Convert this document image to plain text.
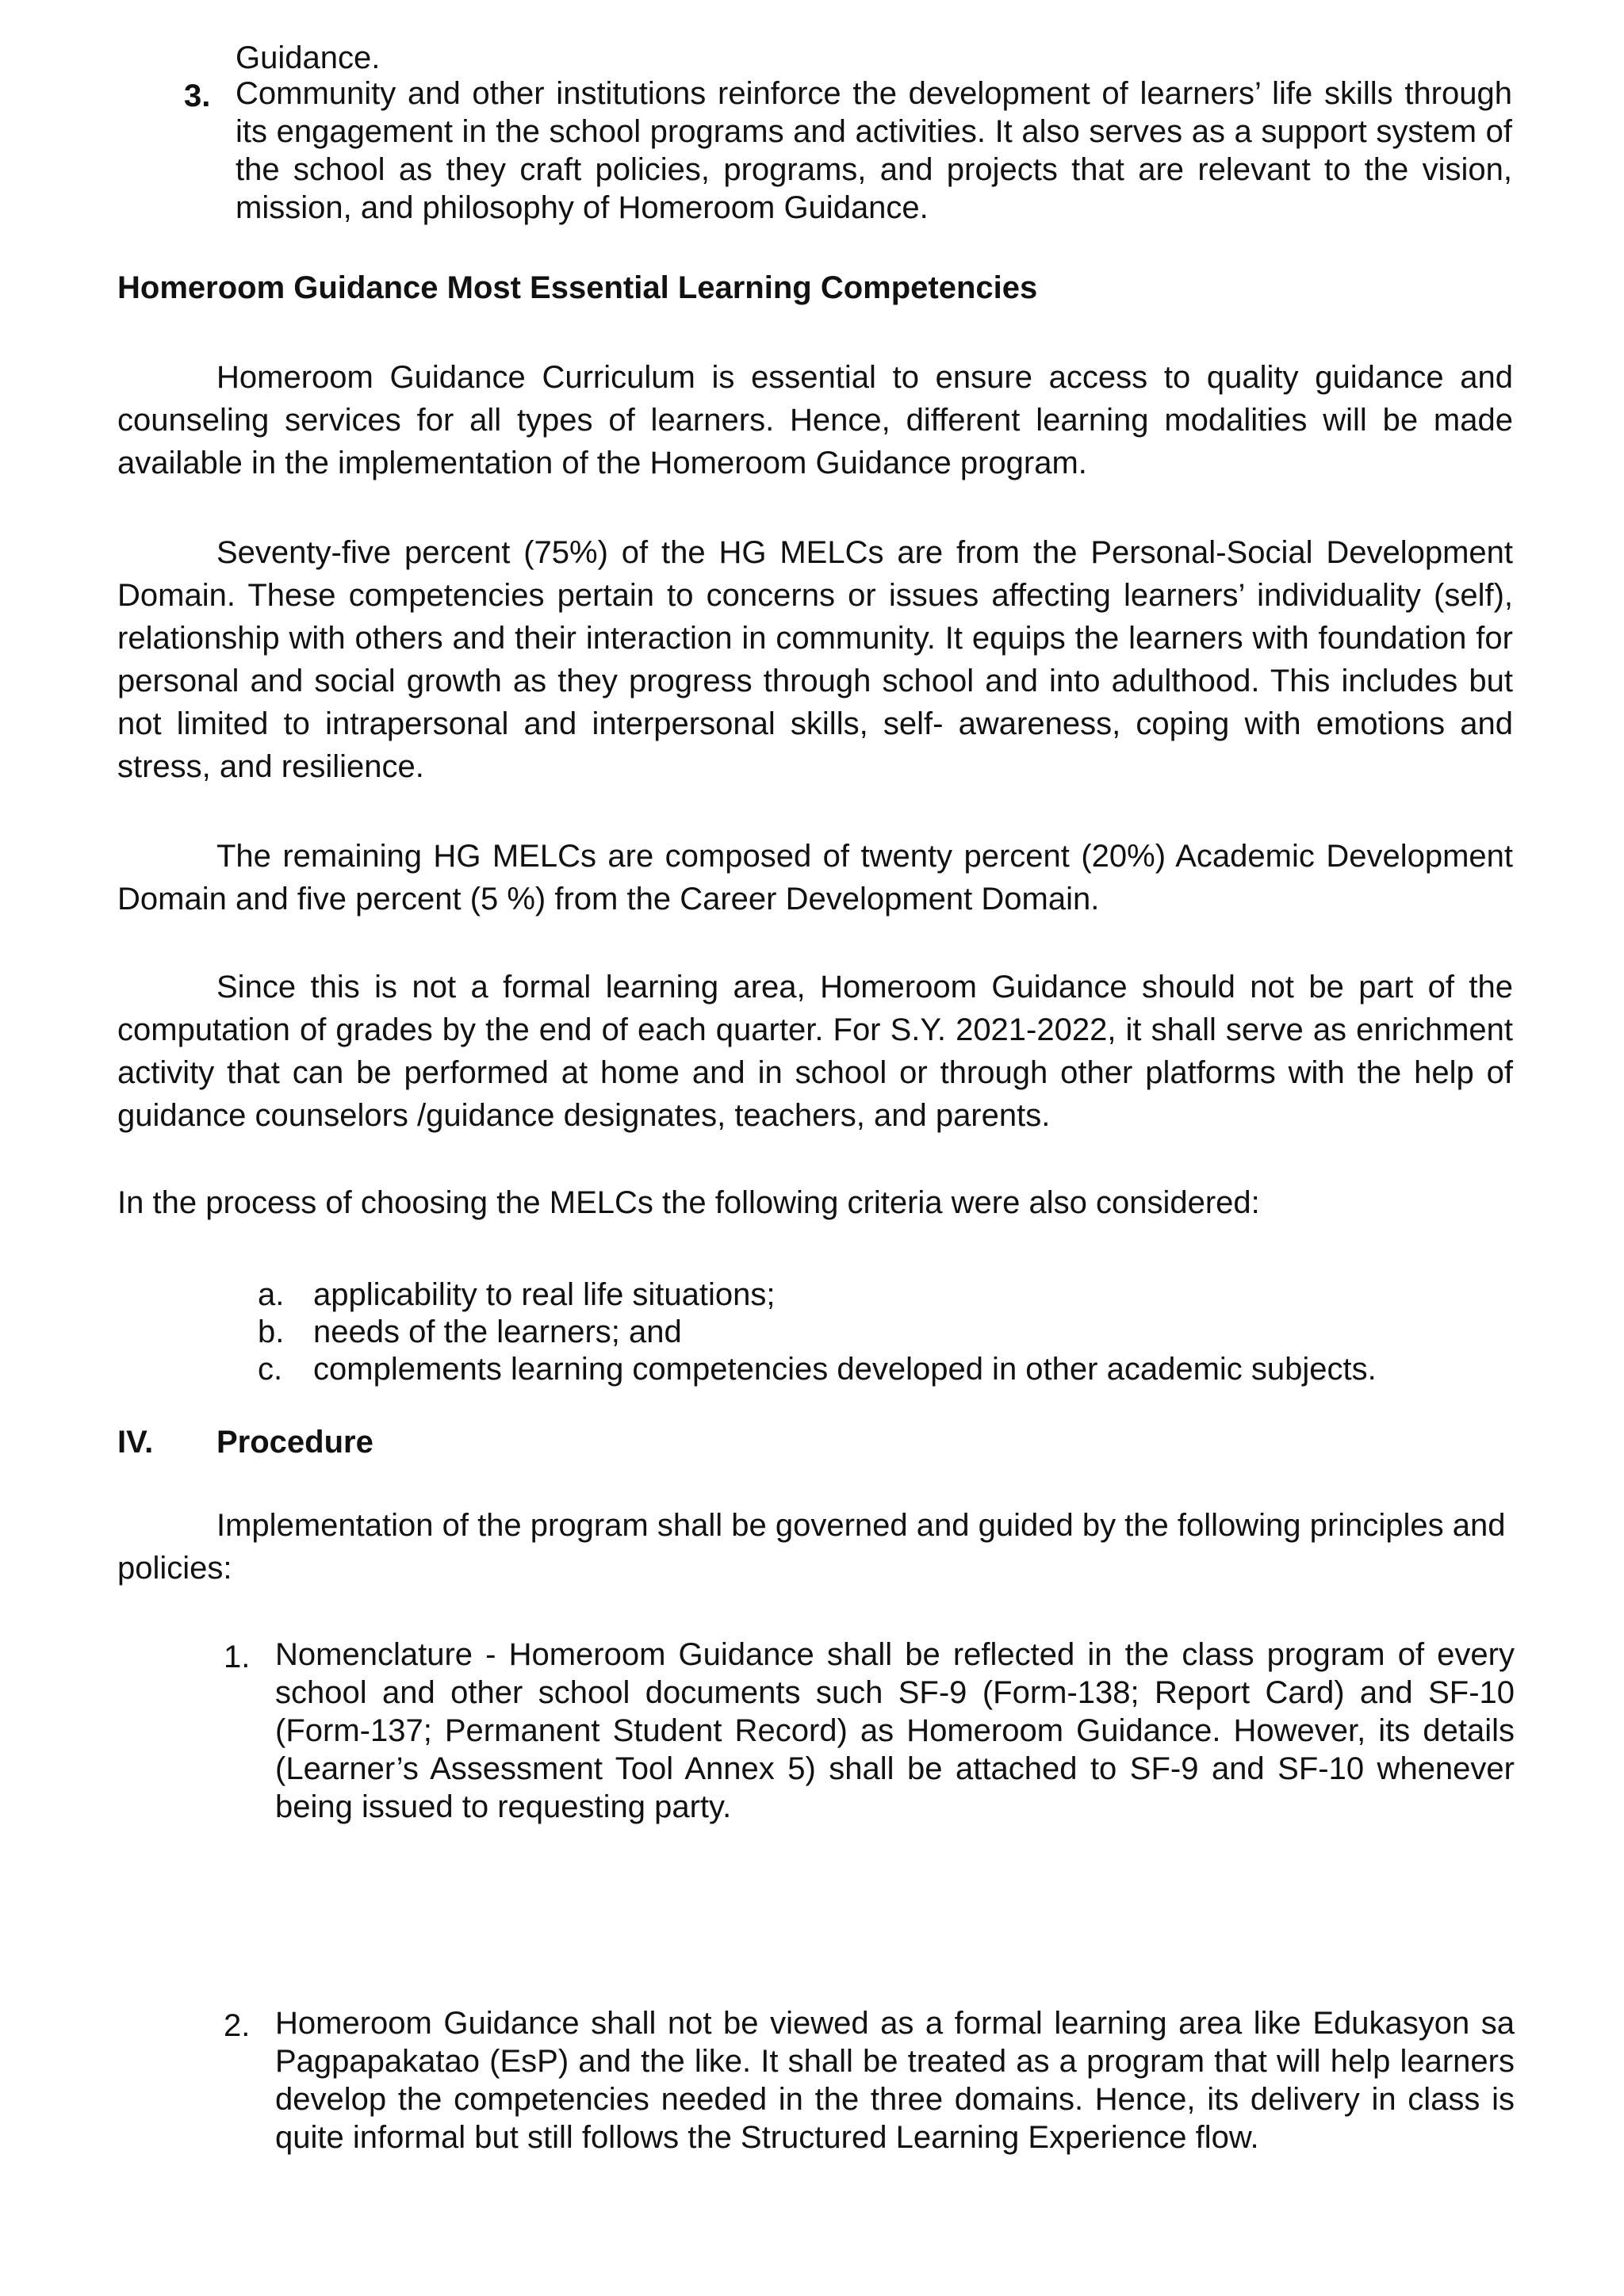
Guidance.

3. Community and other institutions reinforce the development of learners’ life skills through its engagement in the school programs and activities. It also serves as a support system of the school as they craft policies, programs, and projects that are relevant to the vision, mission, and philosophy of Homeroom Guidance.

Homeroom Guidance Most Essential Learning Competencies

Homeroom Guidance Curriculum is essential to ensure access to quality guidance and counseling services for all types of learners. Hence, different learning modalities will be made available in the implementation of the Homeroom Guidance program.

Seventy-five percent (75%) of the HG MELCs are from the Personal-Social Development Domain. These competencies pertain to concerns or issues affecting learners’ individuality (self), relationship with others and their interaction in community. It equips the learners with foundation for personal and social growth as they progress through school and into adulthood. This includes but not limited to intrapersonal and interpersonal skills, self- awareness, coping with emotions and stress, and resilience.

The remaining HG MELCs are composed of twenty percent (20%) Academic Development Domain and five percent (5 %) from the Career Development Domain.

Since this is not a formal learning area, Homeroom Guidance should not be part of the computation of grades by the end of each quarter. For S.Y. 2021-2022, it shall serve as enrichment activity that can be performed at home and in school or through other platforms with the help of guidance counselors /guidance designates, teachers, and parents.

In the process of choosing the MELCs the following criteria were also considered:

a. applicability to real life situations;
b. needs of the learners; and
c. complements learning competencies developed in other academic subjects.
IV. Procedure

Implementation of the program shall be governed and guided by the following principles and policies:

1. Nomenclature - Homeroom Guidance shall be reflected in the class program of every school and other school documents such SF-9 (Form-138; Report Card) and SF-10 (Form-137; Permanent Student Record) as Homeroom Guidance. However, its details (Learner’s Assessment Tool Annex 5) shall be attached to SF-9 and SF-10 whenever being issued to requesting party.

2. Homeroom Guidance shall not be viewed as a formal learning area like Edukasyon sa Pagpapakatao (EsP) and the like. It shall be treated as a program that will help learners develop the competencies needed in the three domains. Hence, its delivery in class is quite informal but still follows the Structured Learning Experience flow.
